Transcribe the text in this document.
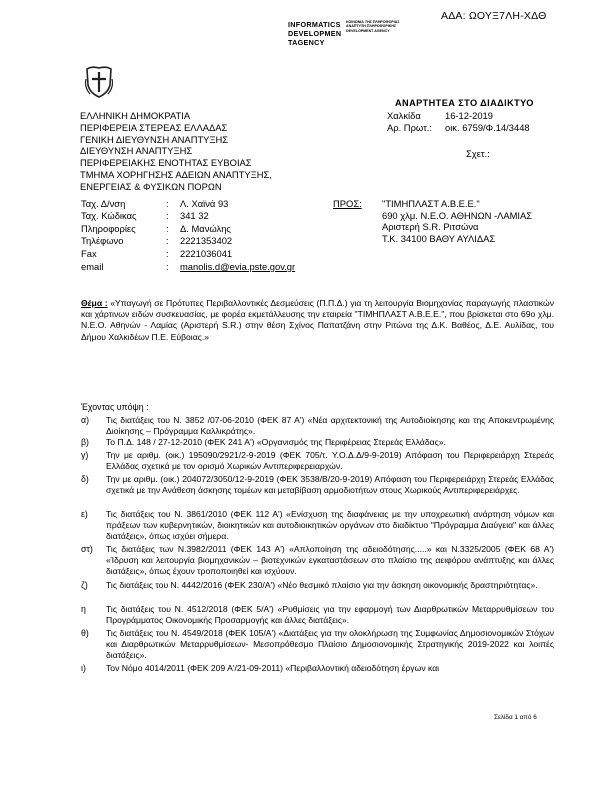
ΑΔΑ: ΩΟΥΞ7ΛΗ-ΧΔΘ
INFORMATICS
DEVELOPMEN
TAGENCY
ΚΟΙΝΩΝΙΑ ΤΗΣ ΠΛΗΡΟΦΟΡΙΑΣ ΑΝΑΠΤΥΞΗ ΠΛΗΡΟΦΟΡΙΚΗΣ DEVELOPMENT AGENCY
ΑΝΑΡΤΗΤΕΑ ΣΤΟ ΔΙΑΔΙΚΤΥΟ
ΕΛΛΗΝΙΚΗ ΔΗΜΟΚΡΑΤΙΑ
ΠΕΡΙΦΕΡΕΙΑ ΣΤΕΡΕΑΣ ΕΛΛΑΔΑΣ
ΓΕΝΙΚΗ ΔΙΕΥΘΥΝΣΗ ΑΝΑΠΤΥΞΗΣ
ΔΙΕΥΘΥΝΣΗ ΑΝΑΠΤΥΞΗΣ
ΠΕΡΙΦΕΡΕΙΑΚΗΣ ΕΝΟΤΗΤΑΣ ΕΥΒΟΙΑΣ
ΤΜΗΜΑ ΧΟΡΗΓΗΣΗΣ ΑΔΕΙΩΝ ΑΝΑΠΤΥΞΗΣ,
ΕΝΕΡΓΕΙΑΣ & ΦΥΣΙΚΩΝ ΠΟΡΩΝ
Χαλκίδα	16-12-2019
Αρ. Πρωτ.: οικ. 6759/Φ.14/3448
Σχετ.:
Ταχ. Δ/νση	: Λ. Χαϊνά 93
Ταχ. Κώδικας	: 341 32
Πληροφορίες	: Δ. Μανώλης
Τηλέφωνο	: 2221353402
Fax	: 2221036041
email	: manolis.d@evia.pste.gov.gr
ΠΡΟΣ: "ΤΙΜΗΠΛΑΣΤ Α.Β.Ε.Ε."
690 χλμ. Ν.Ε.Ο. ΑΘΗΝΩΝ -ΛΑΜΙΑΣ
Αριστερή S.R. Ριτσώνα
Τ.Κ. 34100 ΒΑΘΥ ΑΥΛΙΔΑΣ
Θέμα : «Υπαγωγή σε Πρότυπες Περιβαλλοντικές Δεσμεύσεις (Π.Π.Δ.) για τη λειτουργία Βιομηχανίας παραγωγής πλαστικών και χάρτινων ειδών συσκευασίας, με φορέα εκμετάλλευσης την εταιρεία "ΤΙΜΗΠΛΑΣΤ Α.Β.Ε.Ε.", που βρίσκεται στο 69ο χλμ. Ν.Ε.Ο. Αθηνών - Λαμίας (Αριστερή S.R.) στην θέση Σχίνος Παπατζάνη στην Ριτώνα της Δ.Κ. Βαθέος, Δ.Ε. Αυλίδας, του Δήμου Χαλκιδέων Π.Ε. Εύβοιας.»
Έχοντας υπόψη :
α) Τις διατάξεις του Ν. 3852 /07-06-2010 (ΦΕΚ 87 Α') «Νέα αρχιτεκτονική της Αυτοδιοίκησης και της Αποκεντρωμένης Διοίκησης – Πρόγραμμα Καλλικράτης».
β) Το Π.Δ. 148 / 27-12-2010 (ΦΕΚ 241 Α') «Οργανισμός της Περιφέρειας Στερεάς Ελλάδας».
γ) Την με αριθμ. (οικ.) 195090/2921/2-9-2019 (ΦΕΚ 705/τ. Υ.Ο.Δ.Δ/9-9-2019) Απόφαση του Περιφερειάρχη Στερεάς Ελλάδας σχετικά με τον ορισμό Χωρικών Αντιπεριφερειαρχών.
δ) Την με αριθμ. (οικ.) 204072/3050/12-9-2019 (ΦΕΚ 3538/Β/20-9-2019) Απόφαση του Περιφερειάρχη Στερεάς Ελλάδας σχετικά με την Ανάθεση άσκησης τομέων και μεταβίβαση αρμοδιοτήτων στους Χωρικούς Αντιπεριφερειάρχες.
ε) Τις διατάξεις του Ν. 3861/2010 (ΦΕΚ 112 Α') «Ενίσχυση της διαφάνειας με την υποχρεωτική ανάρτηση νόμων και πράξεων των κυβερνητικών, διοικητικών και αυτοδιοικητικών οργάνων στο διαδίκτυο "Πρόγραμμα Διαύγεια" και άλλες διατάξεις», όπως ισχύει σήμερα.
στ) Τις διατάξεις των Ν.3982/2011 (ΦΕΚ 143 Α') «Απλοποίηση της αδειοδότησης.....» και Ν.3325/2005 (ΦΕΚ 68 Α') «Ίδρυση και λειτουργία βιομηχανικών – βιοτεχνικών εγκαταστάσεων στο πλαίσιο της αειφόρου ανάπτυξης και άλλες διατάξεις», όπως έχουν τροποποιηθεί και ισχύουν.
ζ) Τις διατάξεις του Ν. 4442/2016 (ΦΕΚ 230/Α') «Νέο θεσμικό πλαίσιο για την άσκηση οικονομικής δραστηριότητας».
η Τις διατάξεις του Ν. 4512/2018 (ΦΕΚ 5/Α') «Ρυθμίσεις για την εφαρμογή των Διαρθρωτικών Μεταρρυθμίσεων του Προγράμματος Οικονομικής Προσαρμογής και άλλες διατάξεις».
θ) Τις διατάξεις του Ν. 4549/2018 (ΦΕΚ 105/Α') «Διατάξεις για την ολοκλήρωση της Συμφωνίας Δημοσιονομικών Στόχων και Διαρθρωτικών Μεταρρυθμίσεων- Μεσοπρόθεσμο Πλαίσιο Δημοσιονομικής Στρατηγικής 2019-2022 και λοιπές διατάξεις».
ι) Τον Νόμο 4014/2011 (ΦΕΚ 209 Α'/21-09-2011) «Περιβαλλοντική αδειοδότηση έργων και
Σελίδα 1 από 6
